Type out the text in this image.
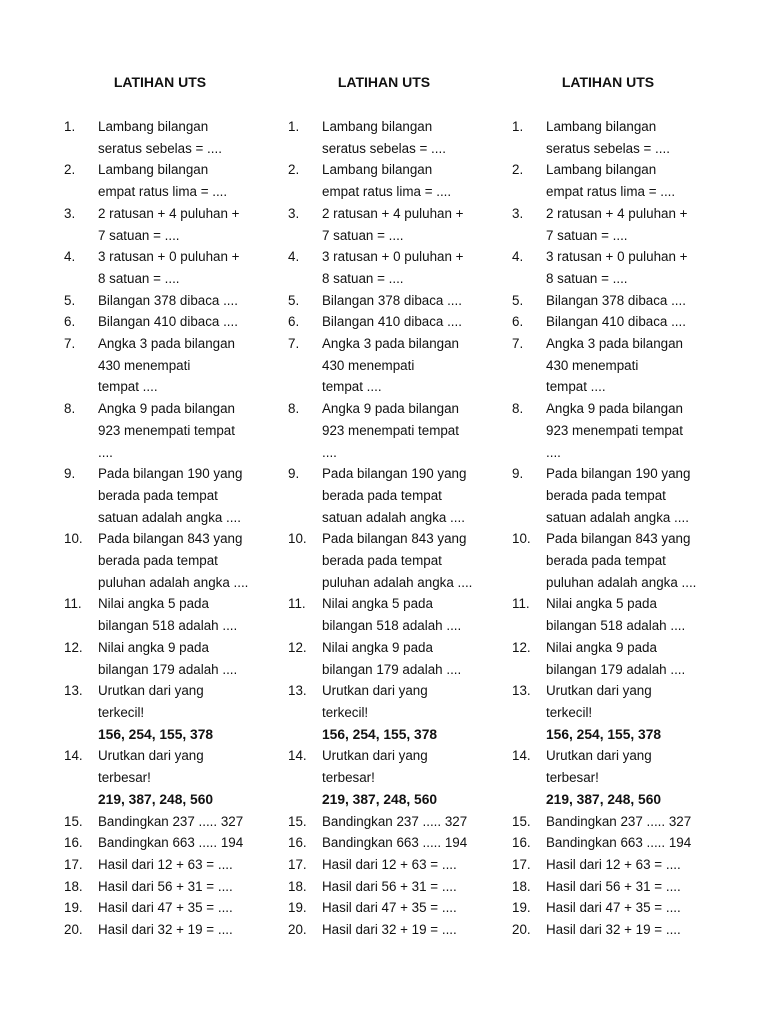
LATIHAN UTS
1.	Lambang bilangan
seratus sebelas = ....
2.	Lambang bilangan
empat ratus lima = ....
3.	2 ratusan + 4 puluhan +
7 satuan = ....
4.	3 ratusan + 0 puluhan +
8 satuan = ....
5.	Bilangan 378 dibaca ....
6.	Bilangan 410 dibaca ....
7.	Angka 3 pada bilangan
430 menempati
tempat ....
8.	Angka 9 pada bilangan
923 menempati tempat
....
9.	Pada bilangan 190 yang
berada pada tempat
satuan adalah angka ....
10.	Pada bilangan 843 yang
berada pada tempat
puluhan adalah angka ....
11.	Nilai angka 5 pada
bilangan 518 adalah ....
12.	Nilai angka 9 pada
bilangan 179 adalah ....
13.	Urutkan dari yang
terkecil!
156, 254, 155, 378
14.	Urutkan dari yang
terbesar!
219, 387, 248, 560
15.	Bandingkan 237 ..... 327
16.	Bandingkan 663 ..... 194
17.	Hasil dari 12 + 63 = ....
18.	Hasil dari 56 + 31 = ....
19.	Hasil dari 47 + 35 = ....
20.	Hasil dari 32 + 19 = ....
LATIHAN UTS
1.	Lambang bilangan
seratus sebelas = ....
2.	Lambang bilangan
empat ratus lima = ....
3.	2 ratusan + 4 puluhan +
7 satuan = ....
4.	3 ratusan + 0 puluhan +
8 satuan = ....
5.	Bilangan 378 dibaca ....
6.	Bilangan 410 dibaca ....
7.	Angka 3 pada bilangan
430 menempati
tempat ....
8.	Angka 9 pada bilangan
923 menempati tempat
....
9.	Pada bilangan 190 yang
berada pada tempat
satuan adalah angka ....
10.	Pada bilangan 843 yang
berada pada tempat
puluhan adalah angka ....
11.	Nilai angka 5 pada
bilangan 518 adalah ....
12.	Nilai angka 9 pada
bilangan 179 adalah ....
13.	Urutkan dari yang
terkecil!
156, 254, 155, 378
14.	Urutkan dari yang
terbesar!
219, 387, 248, 560
15.	Bandingkan 237 ..... 327
16.	Bandingkan 663 ..... 194
17.	Hasil dari 12 + 63 = ....
18.	Hasil dari 56 + 31 = ....
19.	Hasil dari 47 + 35 = ....
20.	Hasil dari 32 + 19 = ....
LATIHAN UTS
1.	Lambang bilangan
seratus sebelas = ....
2.	Lambang bilangan
empat ratus lima = ....
3.	2 ratusan + 4 puluhan +
7 satuan = ....
4.	3 ratusan + 0 puluhan +
8 satuan = ....
5.	Bilangan 378 dibaca ....
6.	Bilangan 410 dibaca ....
7.	Angka 3 pada bilangan
430 menempati
tempat ....
8.	Angka 9 pada bilangan
923 menempati tempat
....
9.	Pada bilangan 190 yang
berada pada tempat
satuan adalah angka ....
10.	Pada bilangan 843 yang
berada pada tempat
puluhan adalah angka ....
11.	Nilai angka 5 pada
bilangan 518 adalah ....
12.	Nilai angka 9 pada
bilangan 179 adalah ....
13.	Urutkan dari yang
terkecil!
156, 254, 155, 378
14.	Urutkan dari yang
terbesar!
219, 387, 248, 560
15.	Bandingkan 237 ..... 327
16.	Bandingkan 663 ..... 194
17.	Hasil dari 12 + 63 = ....
18.	Hasil dari 56 + 31 = ....
19.	Hasil dari 47 + 35 = ....
20.	Hasil dari 32 + 19 = ....
